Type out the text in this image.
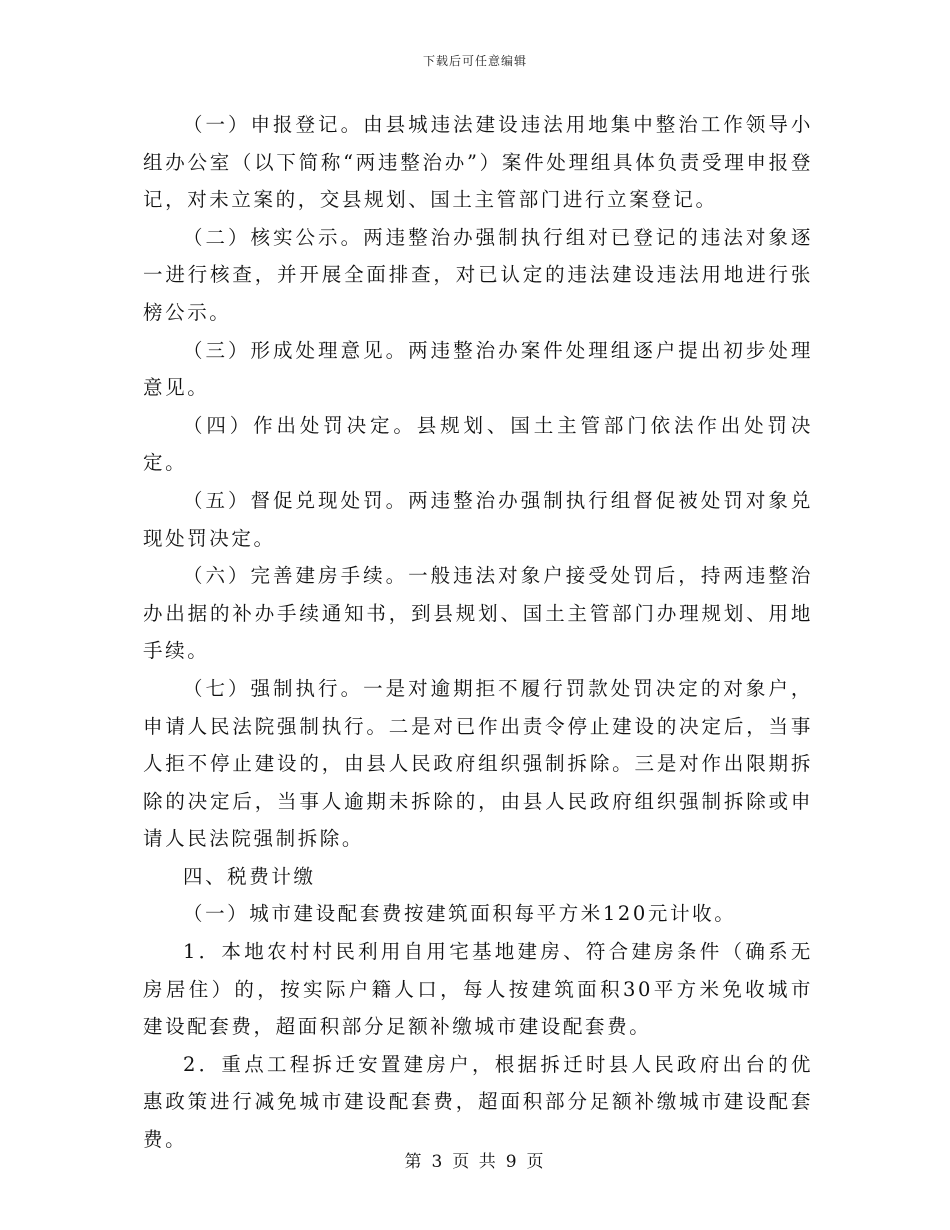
下载后可任意编辑

（一）申报登记。由县城违法建设违法用地集中整治工作领导小组办公室（以下简称“两违整治办”）案件处理组具体负责受理申报登记，对未立案的，交县规划、国土主管部门进行立案登记。

（二）核实公示。两违整治办强制执行组对已登记的违法对象逐一进行核查，并开展全面排查，对已认定的违法建设违法用地进行张榜公示。

（三）形成处理意见。两违整治办案件处理组逐户提出初步处理意见。

（四）作出处罚决定。县规划、国土主管部门依法作出处罚决定。

（五）督促兑现处罚。两违整治办强制执行组督促被处罚对象兑现处罚决定。

（六）完善建房手续。一般违法对象户接受处罚后，持两违整治办出据的补办手续通知书，到县规划、国土主管部门办理规划、用地手续。

（七）强制执行。一是对逾期拒不履行罚款处罚决定的对象户，申请人民法院强制执行。二是对已作出责令停止建设的决定后，当事人拒不停止建设的，由县人民政府组织强制拆除。三是对作出限期拆除的决定后，当事人逾期未拆除的，由县人民政府组织强制拆除或申请人民法院强制拆除。

四、税费计缴

（一）城市建设配套费按建筑面积每平方米120元计收。

1．本地农村村民利用自用宅基地建房、符合建房条件（确系无房居住）的，按实际户籍人口，每人按建筑面积30平方米免收城市建设配套费，超面积部分足额补缴城市建设配套费。

2．重点工程拆迁安置建房户，根据拆迁时县人民政府出台的优惠政策进行减免城市建设配套费，超面积部分足额补缴城市建设配套费。

第 3 页 共 9 页
